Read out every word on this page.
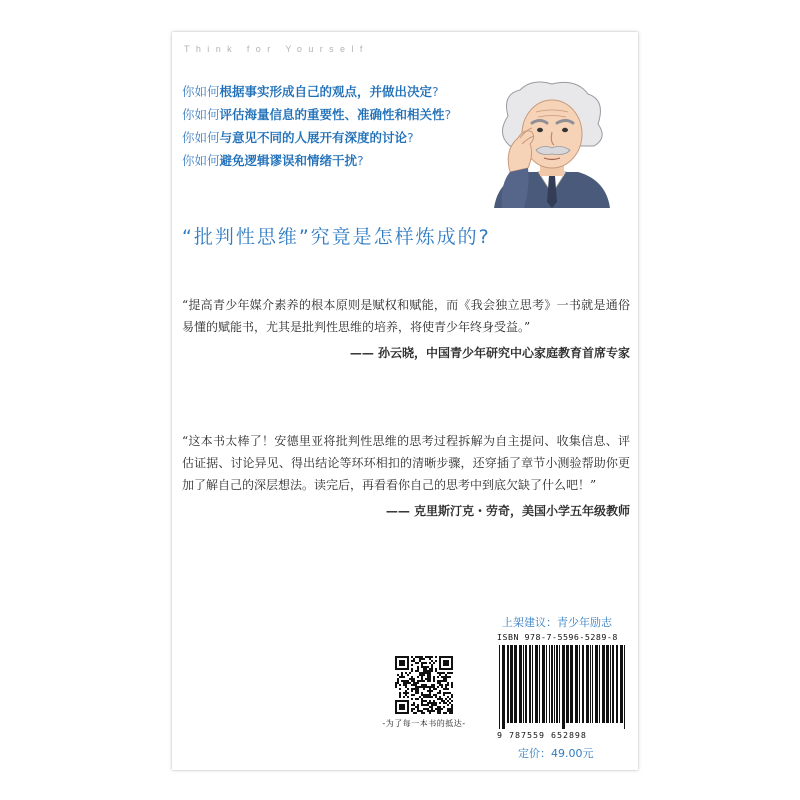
Think for Yourself
你如何根据事实形成自己的观点，并做出决定?
你如何评估海量信息的重要性、准确性和相关性?
你如何与意见不同的人展开有深度的讨论?
你如何避免逻辑谬误和情绪干扰?
“批判性思维”究竟是怎样炼成的?

“提高青少年媒介素养的根本原则是赋权和赋能，而《我会独立思考》一书就是通俗易懂的赋能书，尤其是批判性思维的培养，将使青少年终身受益。”

—— 孙云晓，中国青少年研究中心家庭教育首席专家

“这本书太棒了！安德里亚将批判性思维的思考过程拆解为自主提问、收集信息、评估证据、讨论异见、得出结论等环环相扣的清晰步骤，还穿插了章节小测验帮助你更加了解自己的深层想法。读完后，再看看你自己的思考中到底欠缺了什么吧！”

—— 克里斯汀克・劳奇，美国小学五年级教师
-为了每一本书的抵达-
上架建议：青少年励志
ISBN 978-7-5596-5289-8
9 787559 652898
定价：49.00元
